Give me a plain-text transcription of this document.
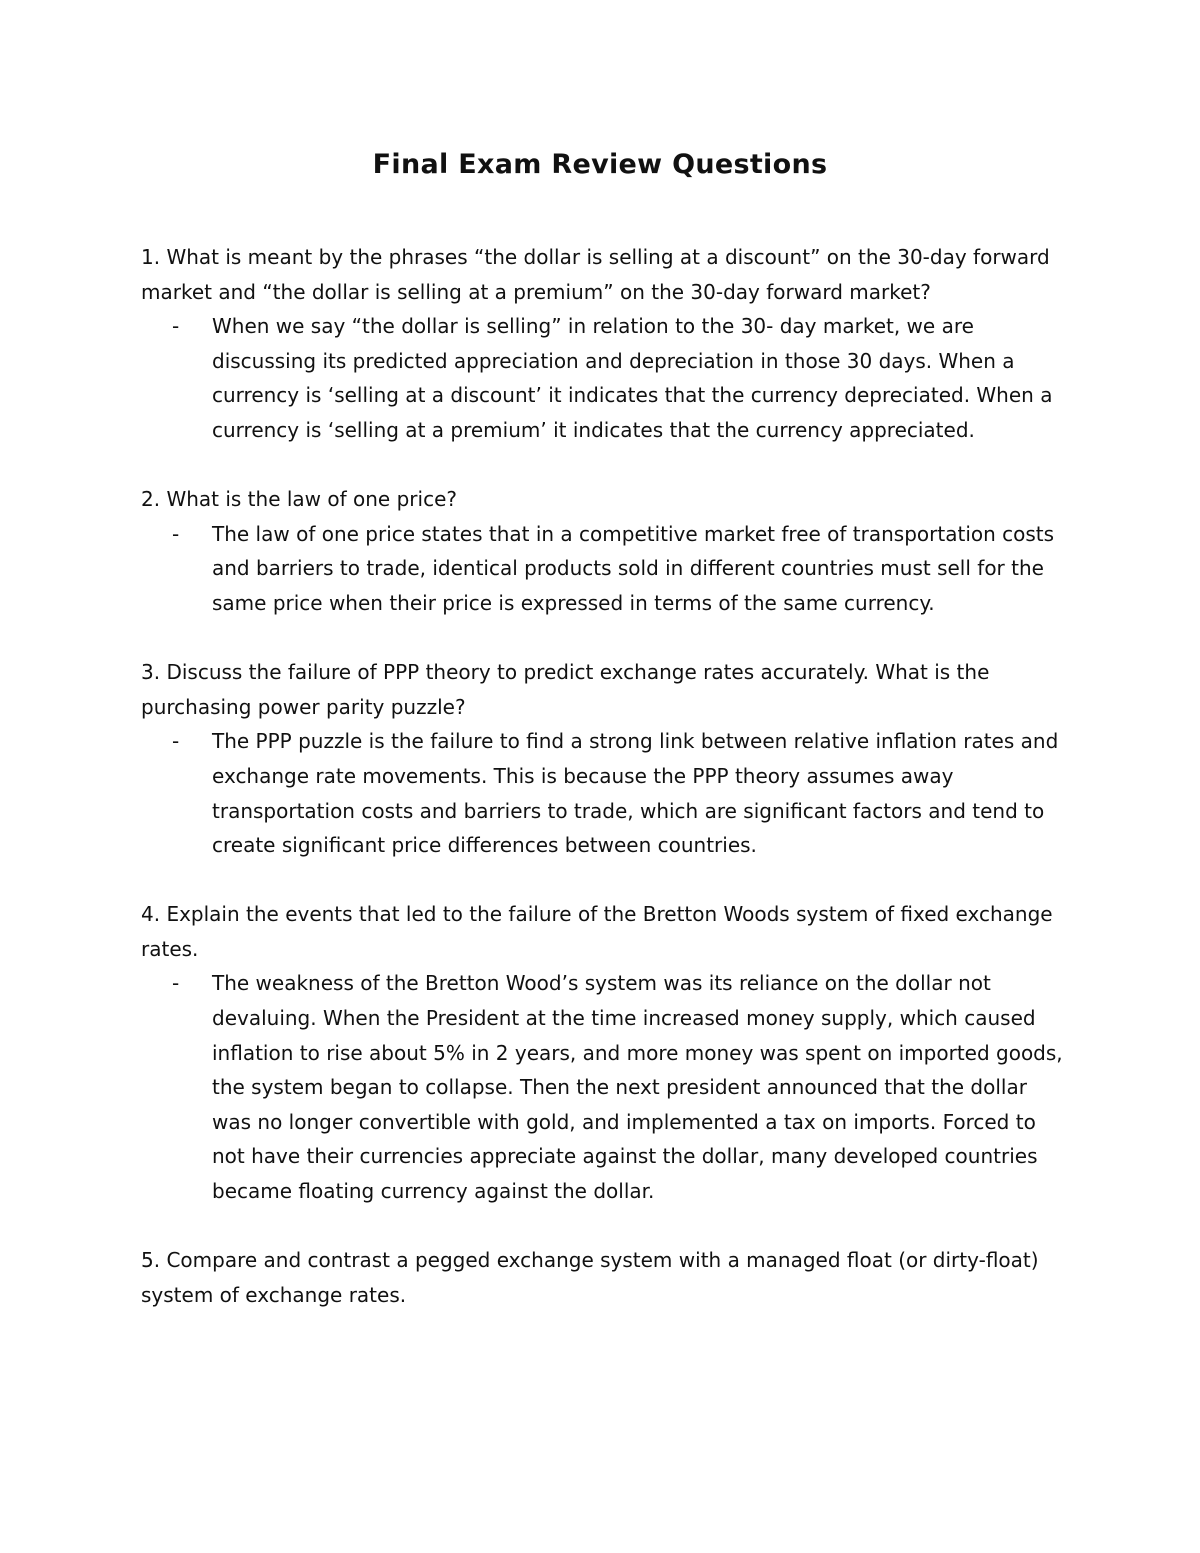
Final Exam Review Questions

1. What is meant by the phrases “the dollar is selling at a discount” on the 30-day forward market and “the dollar is selling at a premium” on the 30-day forward market?

- When we say “the dollar is selling” in relation to the 30- day market, we are discussing its predicted appreciation and depreciation in those 30 days. When a currency is ‘selling at a discount’ it indicates that the currency depreciated. When a currency is ‘selling at a premium’ it indicates that the currency appreciated.

2. What is the law of one price?

- The law of one price states that in a competitive market free of transportation costs and barriers to trade, identical products sold in different countries must sell for the same price when their price is expressed in terms of the same currency.

3. Discuss the failure of PPP theory to predict exchange rates accurately. What is the purchasing power parity puzzle?

- The PPP puzzle is the failure to find a strong link between relative inflation rates and exchange rate movements. This is because the PPP theory assumes away transportation costs and barriers to trade, which are significant factors and tend to create significant price differences between countries.

4. Explain the events that led to the failure of the Bretton Woods system of fixed exchange rates.

- The weakness of the Bretton Wood’s system was its reliance on the dollar not devaluing. When the President at the time increased money supply, which caused inflation to rise about 5% in 2 years, and more money was spent on imported goods, the system began to collapse. Then the next president announced that the dollar was no longer convertible with gold, and implemented a tax on imports. Forced to not have their currencies appreciate against the dollar, many developed countries became floating currency against the dollar.

5. Compare and contrast a pegged exchange system with a managed float (or dirty-float) system of exchange rates.
